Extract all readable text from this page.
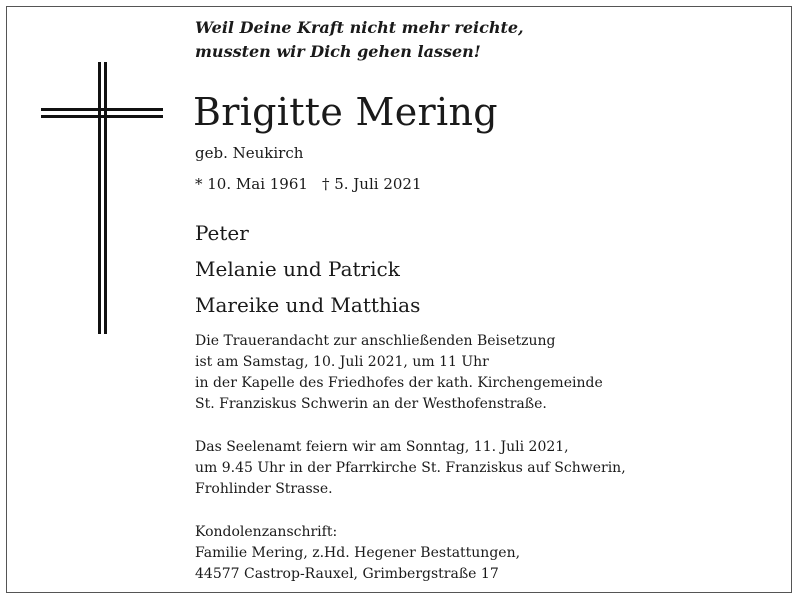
Weil Deine Kraft nicht mehr reichte,
mussten wir Dich gehen lassen!
Brigitte Mering
geb. Neukirch
* 10. Mai 1961 † 5. Juli 2021
Peter
Melanie und Patrick
Mareike und Matthias
Die Trauerandacht zur anschließenden Beisetzung
ist am Samstag, 10. Juli 2021, um 11 Uhr
in der Kapelle des Friedhofes der kath. Kirchengemeinde
St. Franziskus Schwerin an der Westhofenstraße.
Das Seelenamt feiern wir am Sonntag, 11. Juli 2021,
um 9.45 Uhr in der Pfarrkirche St. Franziskus auf Schwerin,
Frohlinder Strasse.
Kondolenzanschrift:
Familie Mering, z.Hd. Hegener Bestattungen,
44577 Castrop-Rauxel, Grimbergstraße 17
